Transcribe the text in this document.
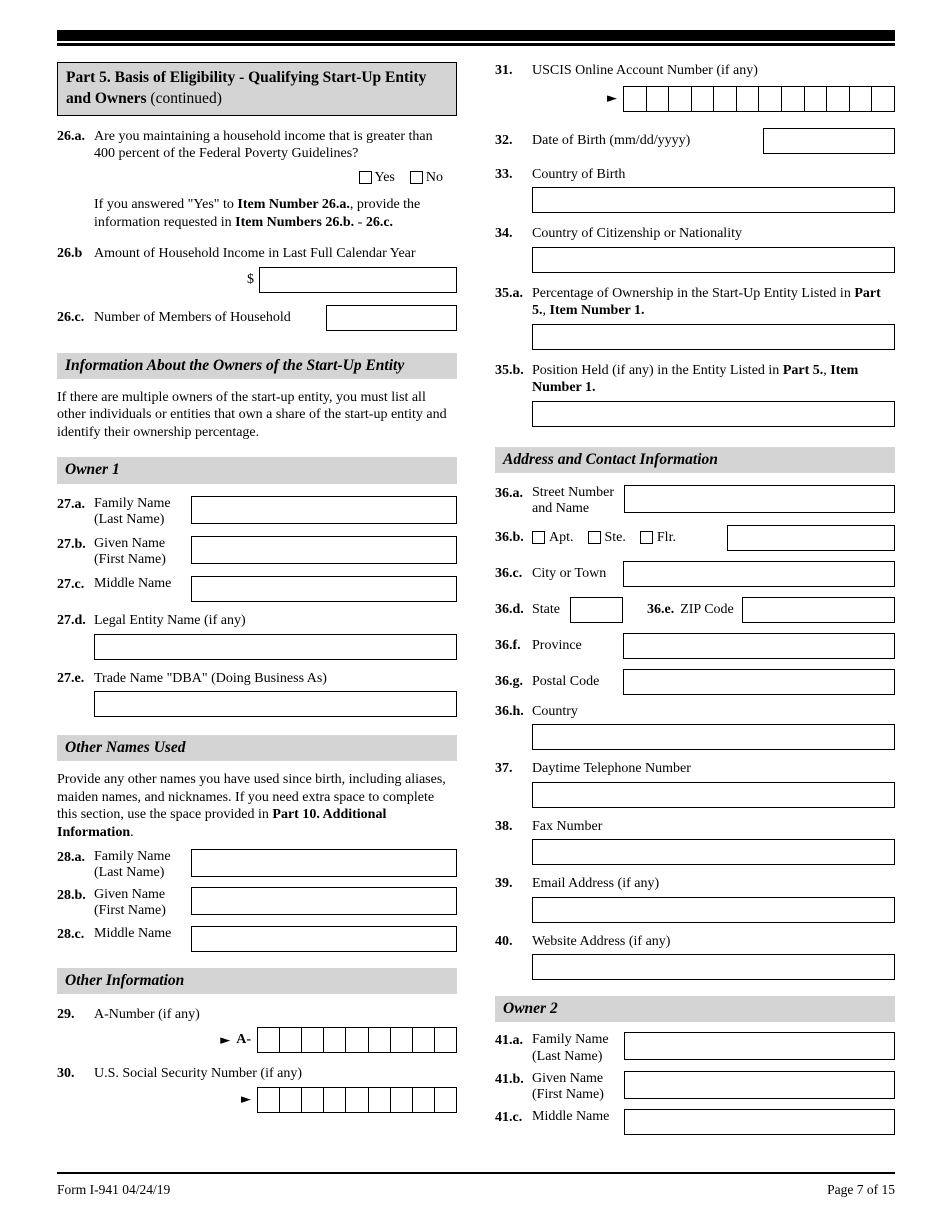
Part 5. Basis of Eligibility - Qualifying Start-Up Entity and Owners (continued)
26.a. Are you maintaining a household income that is greater than 400 percent of the Federal Poverty Guidelines?
Yes No

If you answered "Yes" to Item Number 26.a., provide the information requested in Item Numbers 26.b. - 26.c.

26.b Amount of Household Income in Last Full Calendar Year
$
26.c. Number of Members of Household
Information About the Owners of the Start-Up Entity

If there are multiple owners of the start-up entity, you must list all other individuals or entities that own a share of the start-up entity and identify their ownership percentage.

Owner 1
27.a. Family Name
(Last Name)
27.b. Given Name
(First Name)
27.c. Middle Name
27.d. Legal Entity Name (if any)
27.e. Trade Name "DBA" (Doing Business As)
Other Names Used

Provide any other names you have used since birth, including aliases, maiden names, and nicknames. If you need extra space to complete this section, use the space provided in Part 10. Additional Information.

28.a. Family Name
(Last Name)
28.b. Given Name
(First Name)
28.c. Middle Name
Other Information
29.	A-Number (if any)
► A-
30.	U.S. Social Security Number (if any)
►
31.	USCIS Online Account Number (if any)
►
32.	Date of Birth (mm/dd/yyyy)
33.	Country of Birth
34.	Country of Citizenship or Nationality
35.a. Percentage of Ownership in the Start-Up Entity Listed in Part 5., Item Number 1.
35.b. Position Held (if any) in the Entity Listed in Part 5., Item Number 1.
Address and Contact Information
36.a. Street Number
and Name
36.b.	Apt. Ste. Flr.
36.c. City or Town
36.d. State	36.e. ZIP Code
36.f. Province
36.g. Postal Code
36.h. Country
37.	Daytime Telephone Number
38.	Fax Number
39.	Email Address (if any)
40.	Website Address (if any)
Owner 2
41.a. Family Name
(Last Name)
41.b. Given Name
(First Name)
41.c. Middle Name
Form I-941 04/24/19	Page 7 of 15
